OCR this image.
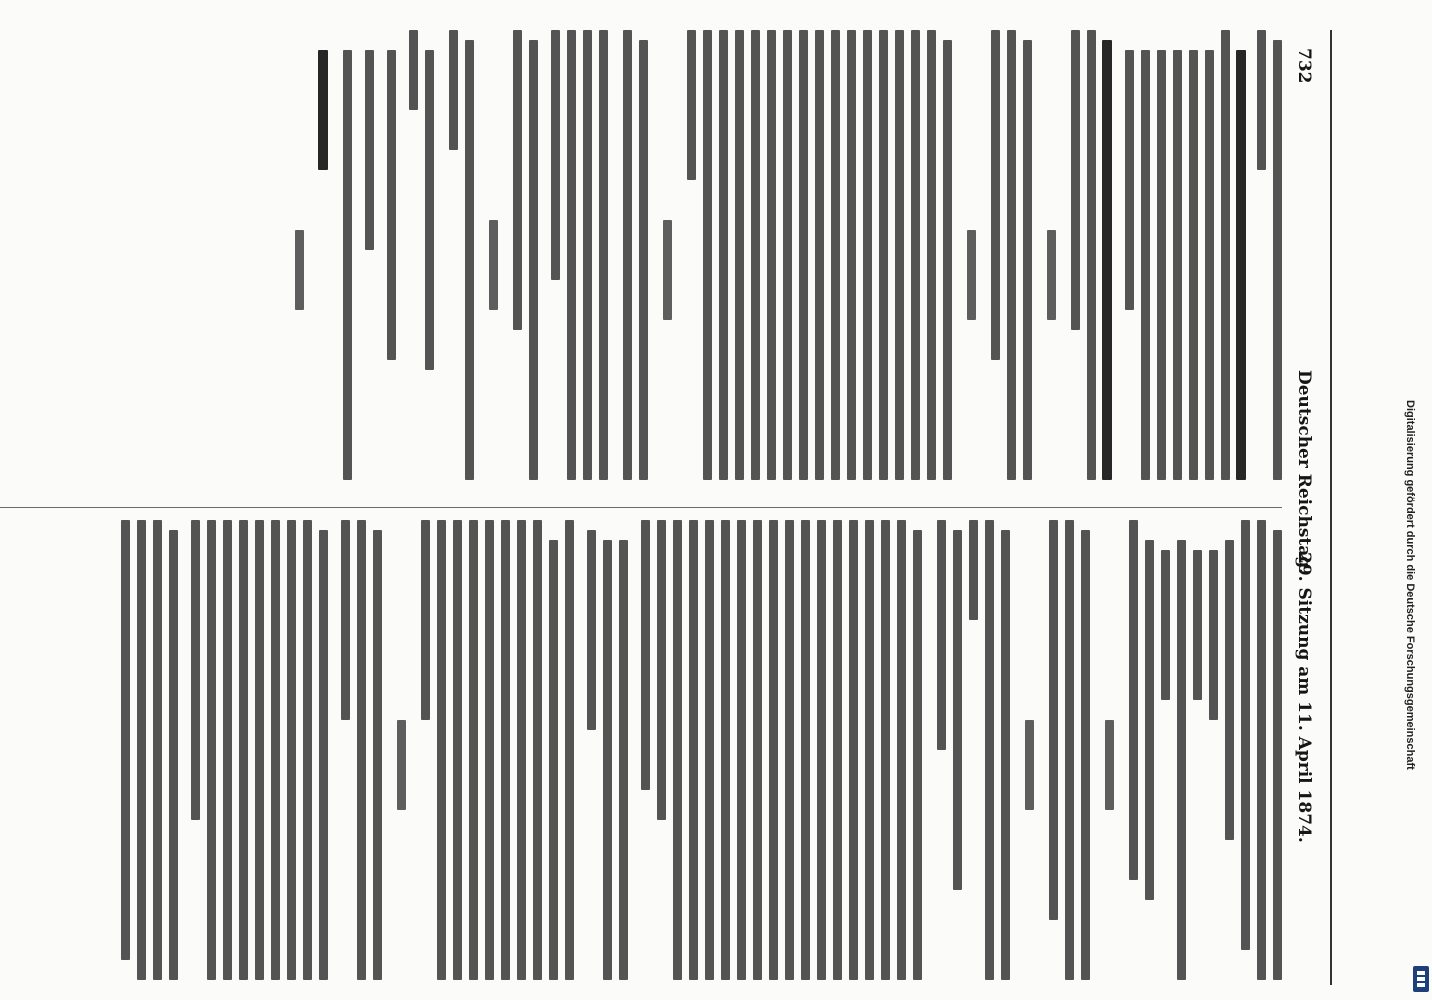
732
Deutscher Reichstag.
29. Sitzung am 11. April 1874.	Digitalisierung gefördert durch die Deutsche Forschungsgemeinschaft
